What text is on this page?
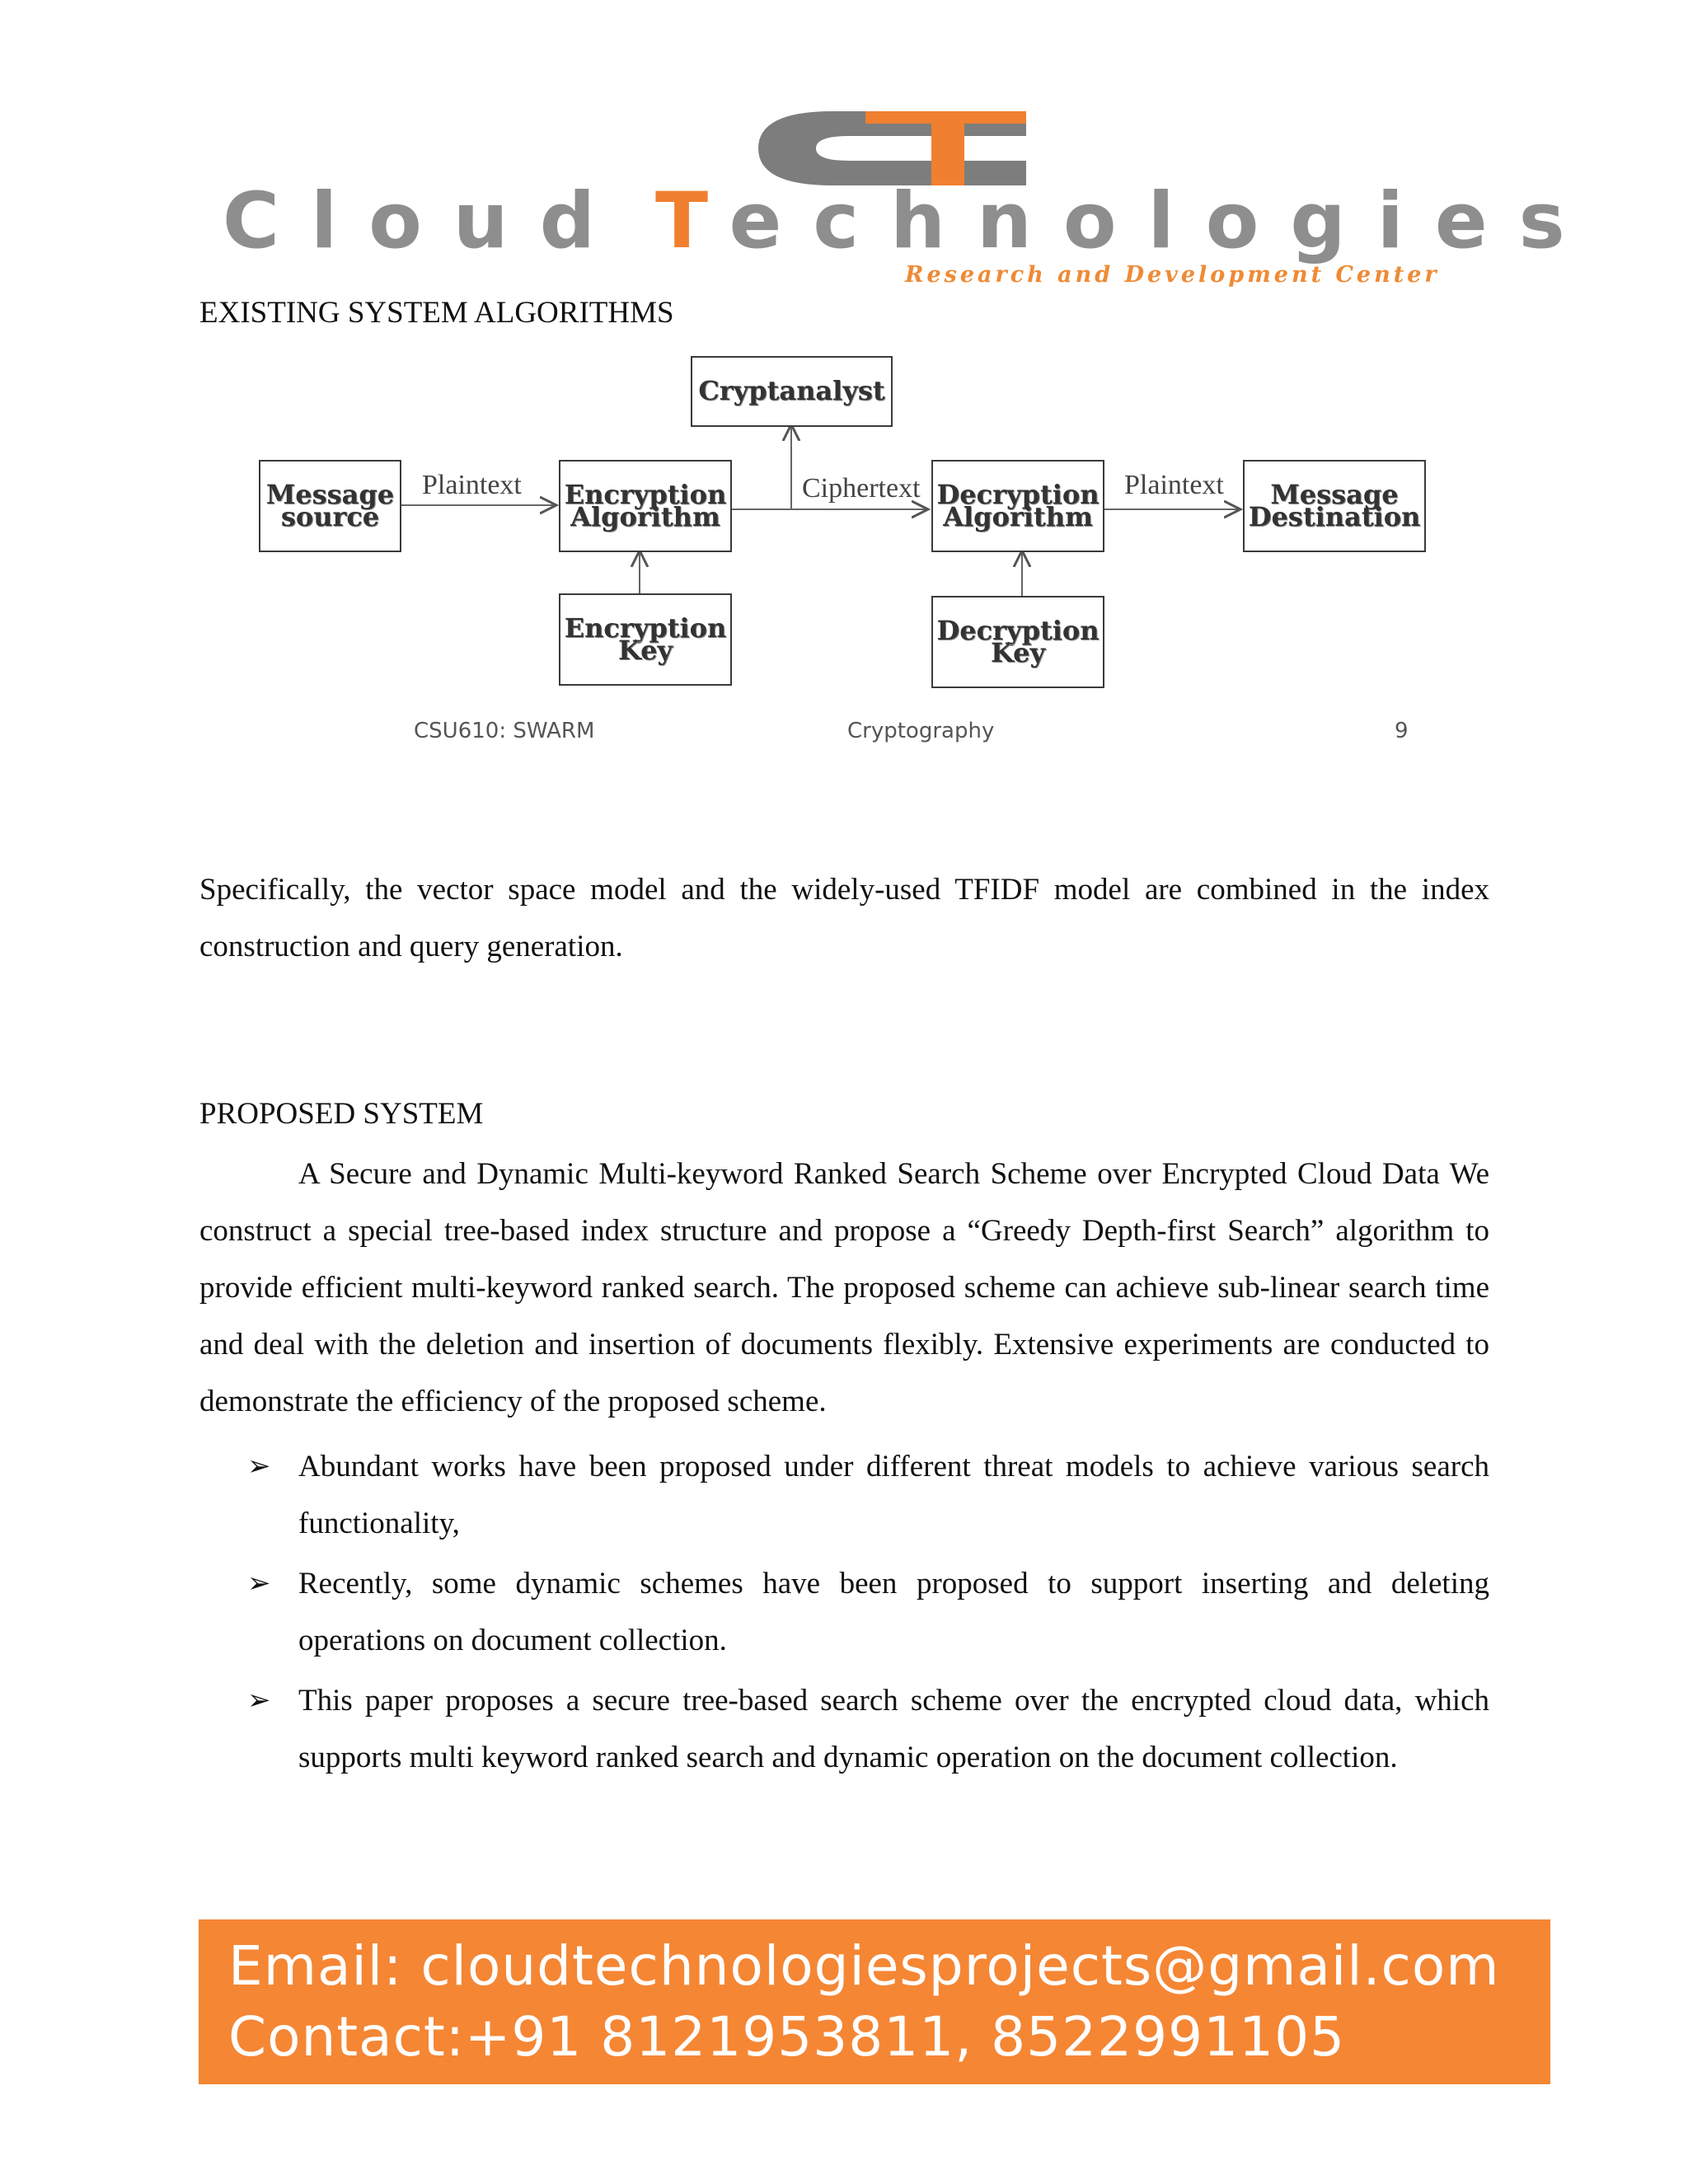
Cloud Technologies
Research and Development Center
EXISTING SYSTEM ALGORITHMS
Cryptanalyst
Message
source
Encryption
Algorithm
Decryption
Algorithm
Message
Destination
Encryption
Key
Decryption
Key
Plaintext	Ciphertext	Plaintext
CSU610: SWARM	Cryptography	9
Specifically, the vector space model and the widely-used TFIDF model are combined in the index construction and query generation.
PROPOSED SYSTEM
A Secure and Dynamic Multi-keyword Ranked Search Scheme over Encrypted Cloud Data We construct a special tree-based index structure and propose a “Greedy Depth-first Search” algorithm to provide efficient multi-keyword ranked search. The proposed scheme can achieve sub-linear search time and deal with the deletion and insertion of documents flexibly. Extensive experiments are conducted to demonstrate the efficiency of the proposed scheme.
➢ Abundant works have been proposed under different threat models to achieve various search functionality,
➢ Recently, some dynamic schemes have been proposed to support inserting and deleting operations on document collection.
➢ This paper proposes a secure tree-based search scheme over the encrypted cloud data, which supports multi keyword ranked search and dynamic operation on the document collection.
Email: cloudtechnologiesprojects@gmail.com
Contact:+91 8121953811, 8522991105
